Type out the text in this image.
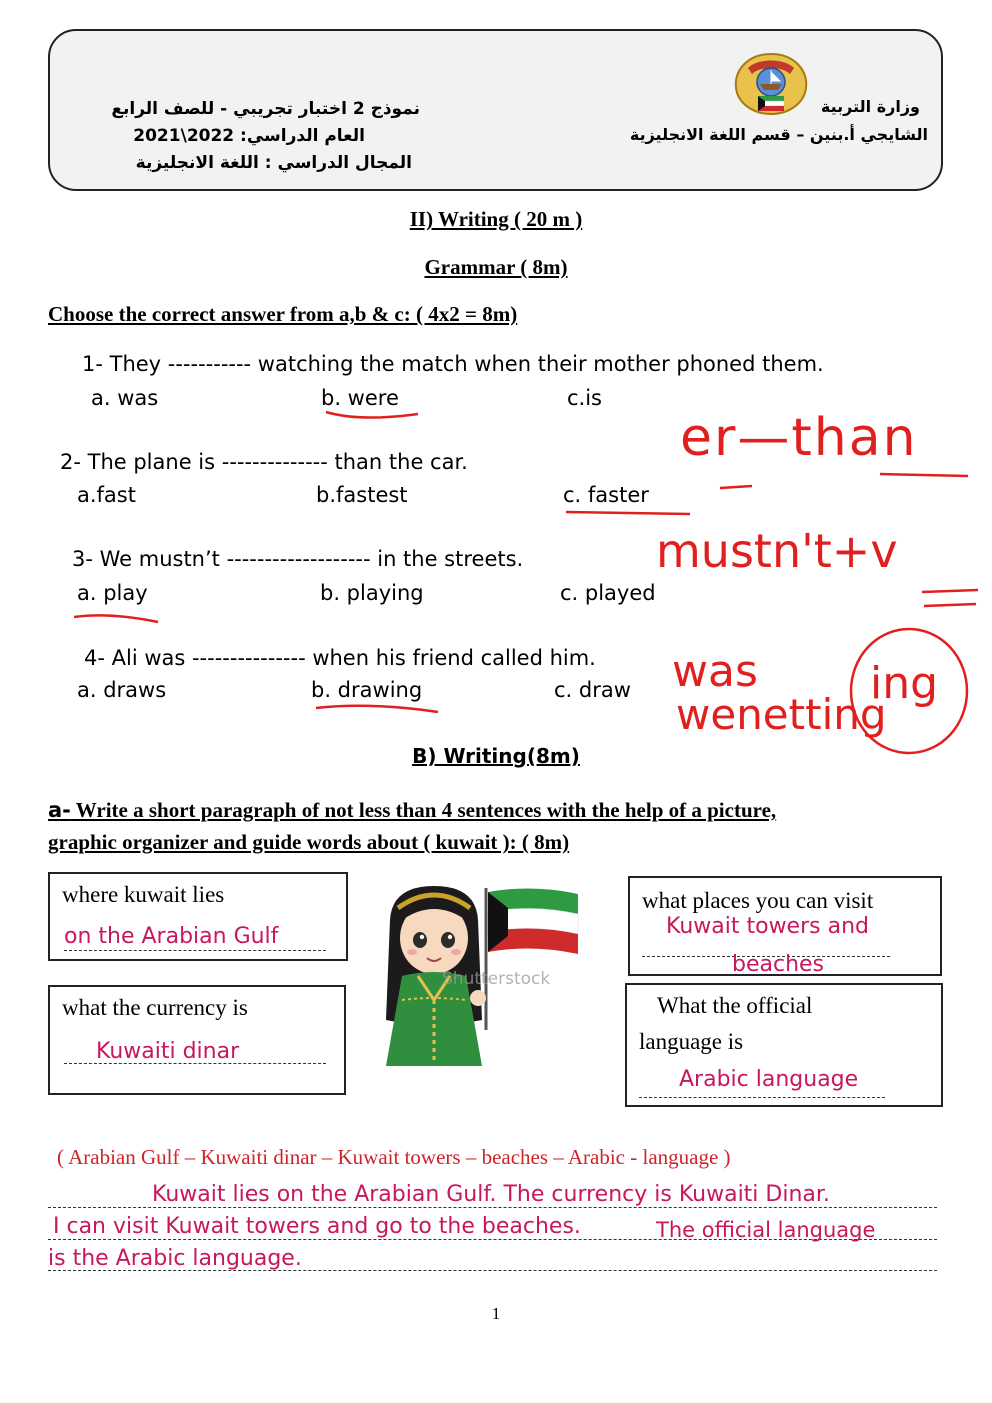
وزارة التربية
الشايجي أ.بنين – قسم اللغة الانجليزية
نموذج 2 اختبار تجريبي - للصف الرابع
العام الدراسي: 2022\2021
المجال الدراسي : اللغة الانجليزية
II) Writing ( 20 m )
Grammar ( 8m)
Choose the correct answer from a,b & c: ( 4x2 = 8m)
1- They ----------- watching the match when their mother phoned them.
a. was	b. were	c.is
2- The plane is -------------- than the car.
a.fast	b.fastest	c. faster
3- We mustn’t ------------------- in the streets.
a. play	b. playing	c. played
4- Ali was --------------- when his friend called him.
a. draws	b. drawing	c. draw
er—than
mustn't+v
was
wenetting
ing
B) Writing(8m)
a- Write a short paragraph of not less than 4 sentences with the help of a picture,
graphic organizer and guide words about ( kuwait ): ( 8m)
where kuwait lies
on the Arabian Gulf
what the currency is
Kuwaiti dinar
what places you can visit
Kuwait towers and
beaches
What the official
language is
Arabic language
Shutterstock
( Arabian Gulf – Kuwaiti dinar – Kuwait towers – beaches – Arabic - language )
Kuwait lies on the Arabian Gulf. The currency is Kuwaiti Dinar.
I can visit Kuwait towers and go to the beaches.	The official language
is the Arabic language.
1
